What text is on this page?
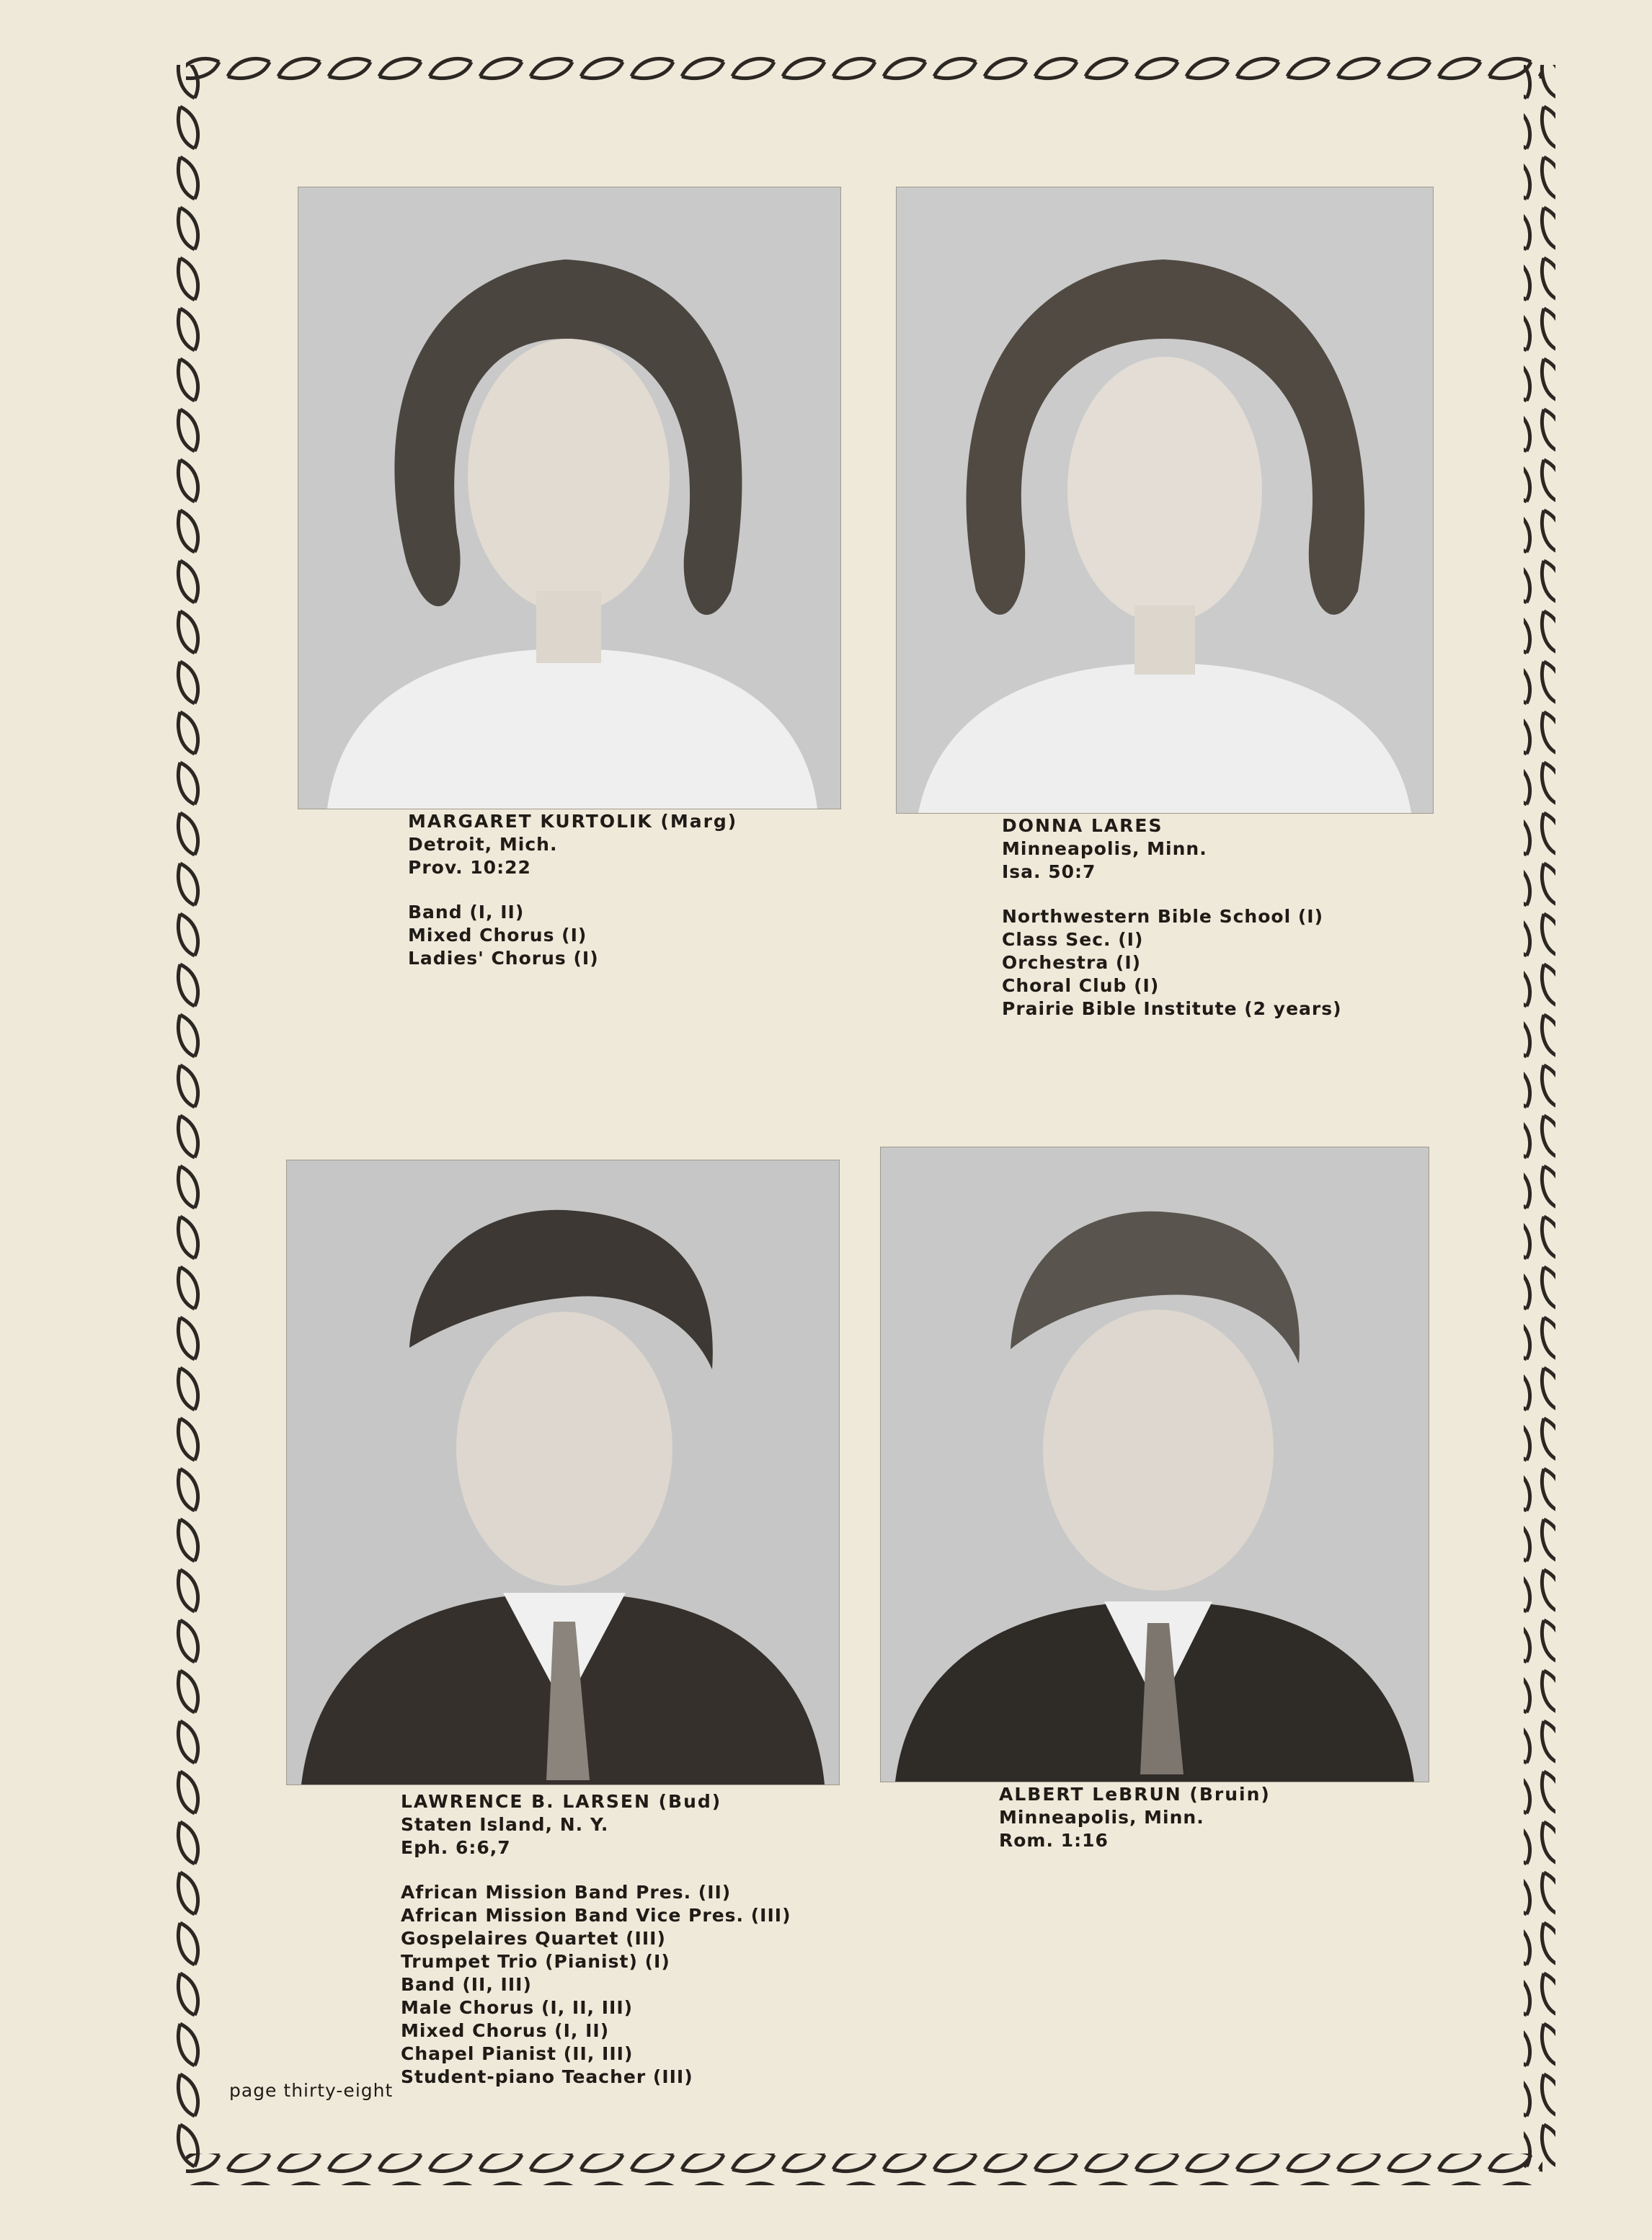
MARGARET KURTOLIK (Marg)
Detroit, Mich.
Prov. 10:22
Band (I, II)
Mixed Chorus (I)
Ladies' Chorus (I)
DONNA LARES
Minneapolis, Minn.
Isa. 50:7
Northwestern Bible School (I)
Class Sec. (I)
Orchestra (I)
Choral Club (I)
Prairie Bible Institute (2 years)
LAWRENCE B. LARSEN (Bud)
Staten Island, N. Y.
Eph. 6:6,7
African Mission Band Pres. (II)
African Mission Band Vice Pres. (III)
Gospelaires Quartet (III)
Trumpet Trio (Pianist) (I)
Band (II, III)
Male Chorus (I, II, III)
Mixed Chorus (I, II)
Chapel Pianist (II, III)
Student-piano Teacher (III)
ALBERT LeBRUN (Bruin)
Minneapolis, Minn.
Rom. 1:16
page thirty-eight
